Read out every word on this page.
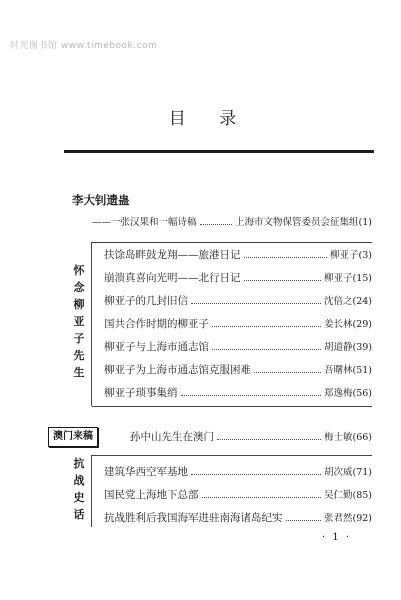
时光图书馆 www.timebook.com
目 录
李大钊遗蛊
——一张汉果和一幅诗稿	上海市文物保管委员会征集组 (1)
怀念柳亚子先生
扶馀岛畔鼓龙翔——旅港日记	柳亚子 (3)
崩溃真喜向光明——北行日记	柳亚子 (15)
柳亚子的几封旧信	沈倍之 (24)
国共合作时期的柳亚子	姜长林 (29)
柳亚子与上海市通志馆	胡道静 (39)
柳亚子为上海市通志馆克服困难	吾曙林 (51)
柳亚子琐事集绡	郑逸梅 (56)
澳门来稿	孙中山先生在澳门	梅士敏 (66)
抗战史话
建筑华西空军基地	胡次威 (71)
国民党上海地下总部	吴仁勤 (85)
抗战胜利后我国海军进驻南海诸岛纪实	张君然 (92)
· 1 ·
